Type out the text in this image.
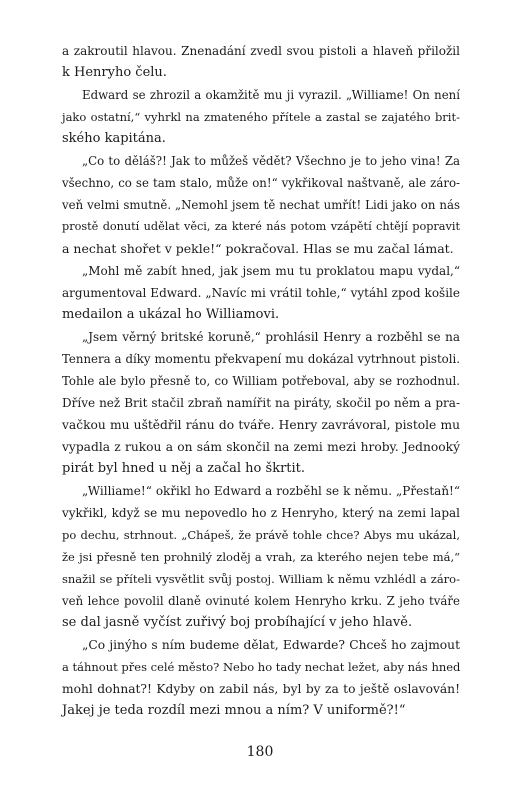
a zakroutil hlavou. Znenadání zvedl svou pistoli a hlaveň přiložil
k Henryho čelu.
Edward se zhrozil a okamžitě mu ji vyrazil. „Williame! On není
jako ostatní,“ vyhrkl na zmateného přítele a zastal se zajatého brit-
ského kapitána.
„Co to děláš?! Jak to můžeš vědět? Všechno je to jeho vina! Za
všechno, co se tam stalo, může on!“ vykřikoval naštvaně, ale záro-
veň velmi smutně. „Nemohl jsem tě nechat umřít! Lidi jako on nás
prostě donutí udělat věci, za které nás potom vzápětí chtějí popravit
a nechat shořet v pekle!“ pokračoval. Hlas se mu začal lámat.
„Mohl mě zabít hned, jak jsem mu tu proklatou mapu vydal,“
argumentoval Edward. „Navíc mi vrátil tohle,“ vytáhl zpod košile
medailon a ukázal ho Williamovi.
„Jsem věrný britské koruně,“ prohlásil Henry a rozběhl se na
Tennera a díky momentu překvapení mu dokázal vytrhnout pistoli.
Tohle ale bylo přesně to, co William potřeboval, aby se rozhodnul.
Dříve než Brit stačil zbraň namířit na piráty, skočil po něm a pra-
vačkou mu uštědřil ránu do tváře. Henry zavrávoral, pistole mu
vypadla z rukou a on sám skončil na zemi mezi hroby. Jednooký
pirát byl hned u něj a začal ho škrtit.
„Williame!“ okřikl ho Edward a rozběhl se k němu. „Přestaň!“
vykřikl, když se mu nepovedlo ho z Henryho, který na zemi lapal
po dechu, strhnout. „Chápeš, že právě tohle chce? Abys mu ukázal,
že jsi přesně ten prohnilý zloděj a vrah, za kterého nejen tebe má,“
snažil se příteli vysvětlit svůj postoj. William k němu vzhlédl a záro-
veň lehce povolil dlaně ovinuté kolem Henryho krku. Z jeho tváře
se dal jasně vyčíst zuřivý boj probíhající v jeho hlavě.
„Co jinýho s ním budeme dělat, Edwarde? Chceš ho zajmout
a táhnout přes celé město? Nebo ho tady nechat ležet, aby nás hned
mohl dohnat?! Kdyby on zabil nás, byl by za to ještě oslavován!
Jakej je teda rozdíl mezi mnou a ním? V uniformě?!“
180
